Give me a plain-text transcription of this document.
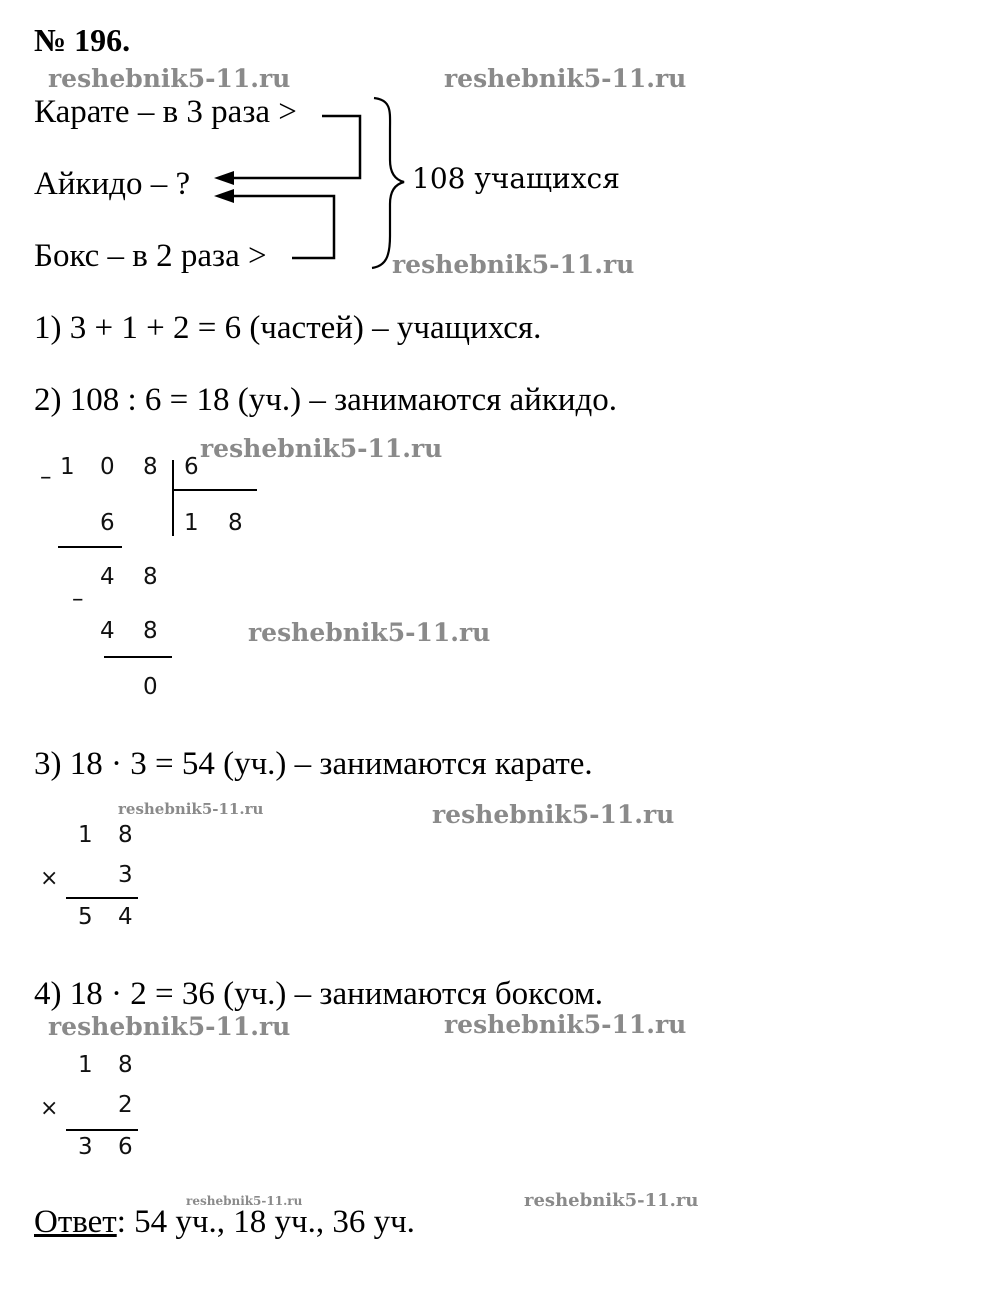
№ 196.
reshebnik5-11.ru	reshebnik5-11.ru
reshebnik5-11.ru
reshebnik5-11.ru
reshebnik5-11.ru
reshebnik5-11.ru	reshebnik5-11.ru
reshebnik5-11.ru	reshebnik5-11.ru
reshebnik5-11.ru	reshebnik5-11.ru
Карате – в 3 раза >
Айкидо – ?
Бокс – в 2 раза >
108 учащихся
1) 3 + 1 + 2 = 6 (частей) – учащихся.
2) 108 : 6 = 18 (уч.) – занимаются айкидо.
– 1 0 8 6
1 8
6
4 8
–
4 8
0
3) 18 · 3 = 54 (уч.) – занимаются карате.
1 8
×	3
5 4
4) 18 · 2 = 36 (уч.) – занимаются боксом.
1 8
×	2
3 6
Ответ: 54 уч., 18 уч., 36 уч.
